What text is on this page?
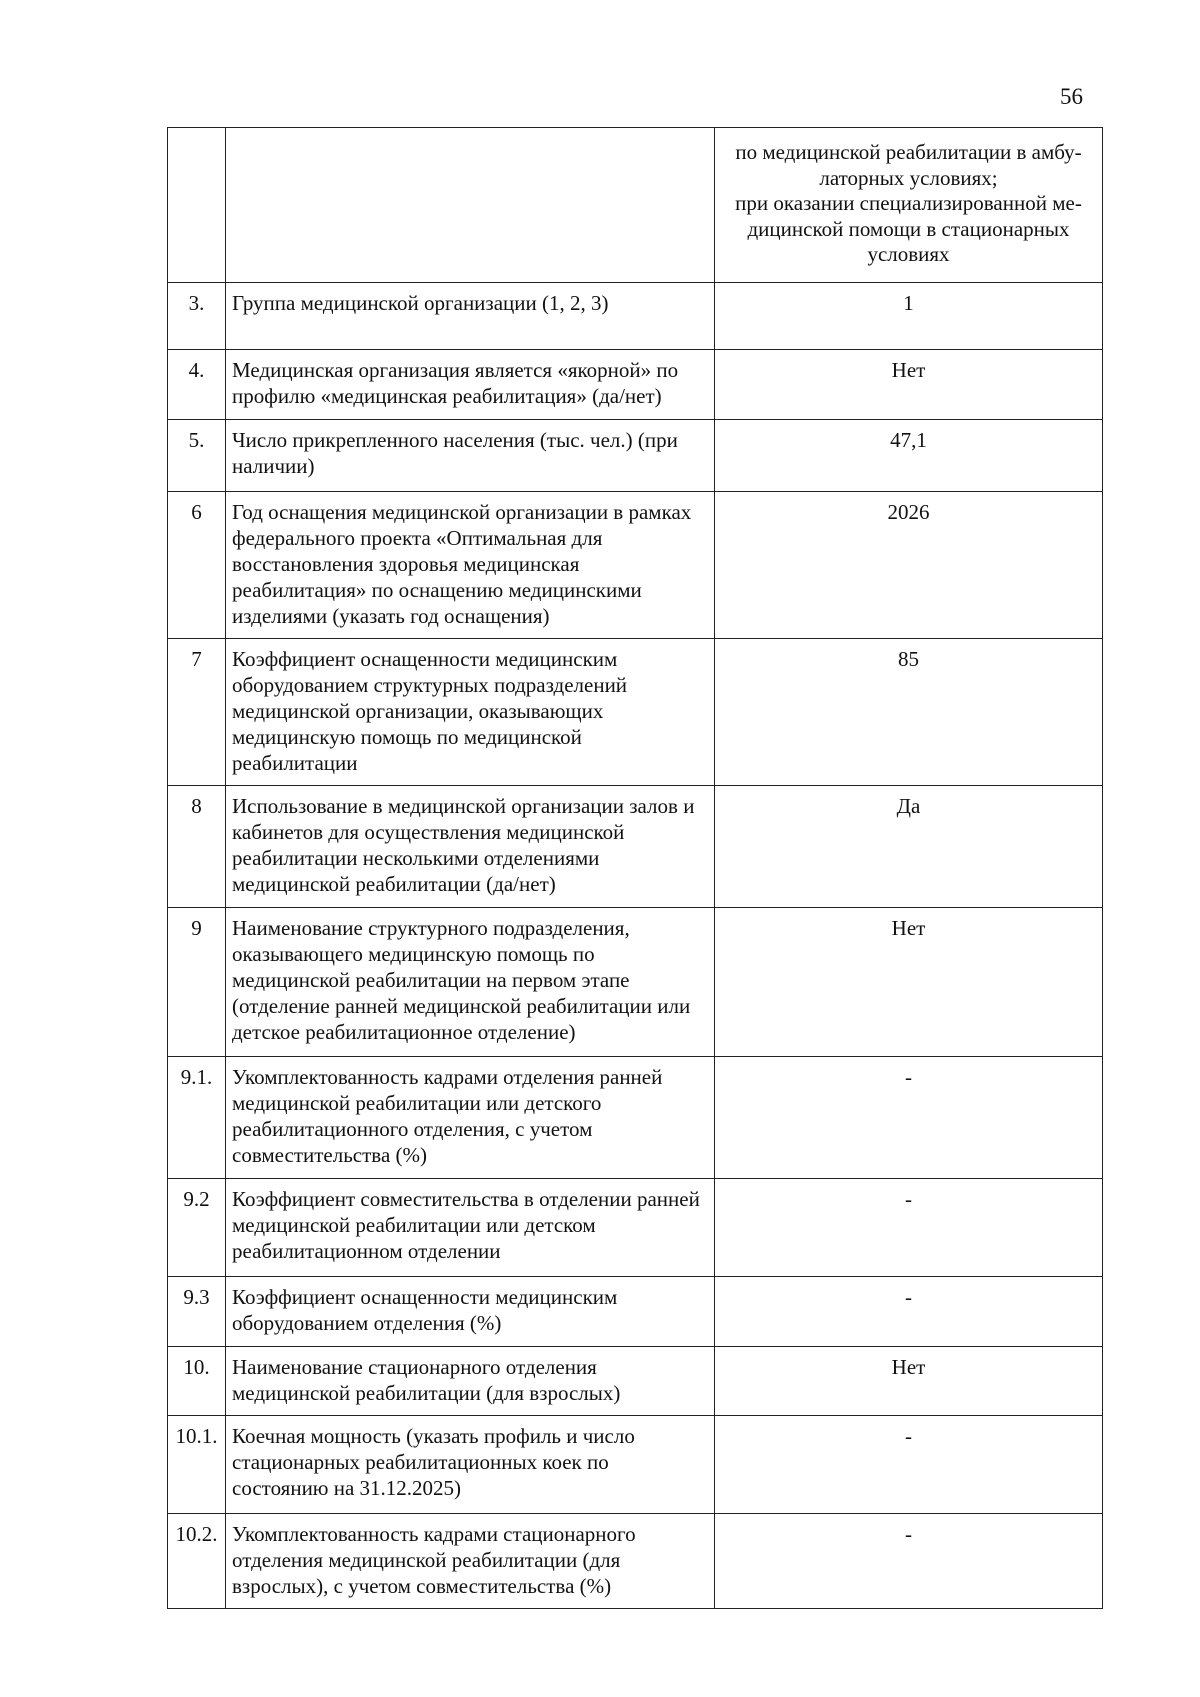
56
		по медицинской реабилитации в амбу-
латорных условиях;
при оказании специализированной ме-
дицинской помощи в стационарных
условиях
3.	Группа медицинской организации (1, 2, 3)	1
4.	Медицинская организация является «якорной» по профилю «медицинская реабилитация» (да/нет)	Нет
5.	Число прикрепленного населения (тыс. чел.) (при наличии)	47,1
6	Год оснащения медицинской организации в рамках федерального проекта «Оптимальная для восстановления здоровья медицинская реабилитация» по оснащению медицинскими изделиями (указать год оснащения)	2026
7	Коэффициент оснащенности медицинским оборудованием структурных подразделений медицинской организации, оказывающих медицинскую помощь по медицинской реабилитации	85
8	Использование в медицинской организации залов и кабинетов для осуществления медицинской реабилитации несколькими отделениями медицинской реабилитации (да/нет)	Да
9	Наименование структурного подразделения, оказывающего медицинскую помощь по медицинской реабилитации на первом этапе (отделение ранней медицинской реабилитации или детское реабилитационное отделение)	Нет
9.1.	Укомплектованность кадрами отделения ранней медицинской реабилитации или детского реабилитационного отделения, с учетом совместительства (%)	-
9.2	Коэффициент совместительства в отделении ранней медицинской реабилитации или детском реабилитационном отделении	-
9.3	Коэффициент оснащенности медицинским оборудованием отделения (%)	-
10.	Наименование стационарного отделения медицинской реабилитации (для взрослых)	Нет
10.1.	Коечная мощность (указать профиль и число стационарных реабилитационных коек по состоянию на 31.12.2025)	-
10.2.	Укомплектованность кадрами стационарного отделения медицинской реабилитации (для взрослых), с учетом совместительства (%)	-
